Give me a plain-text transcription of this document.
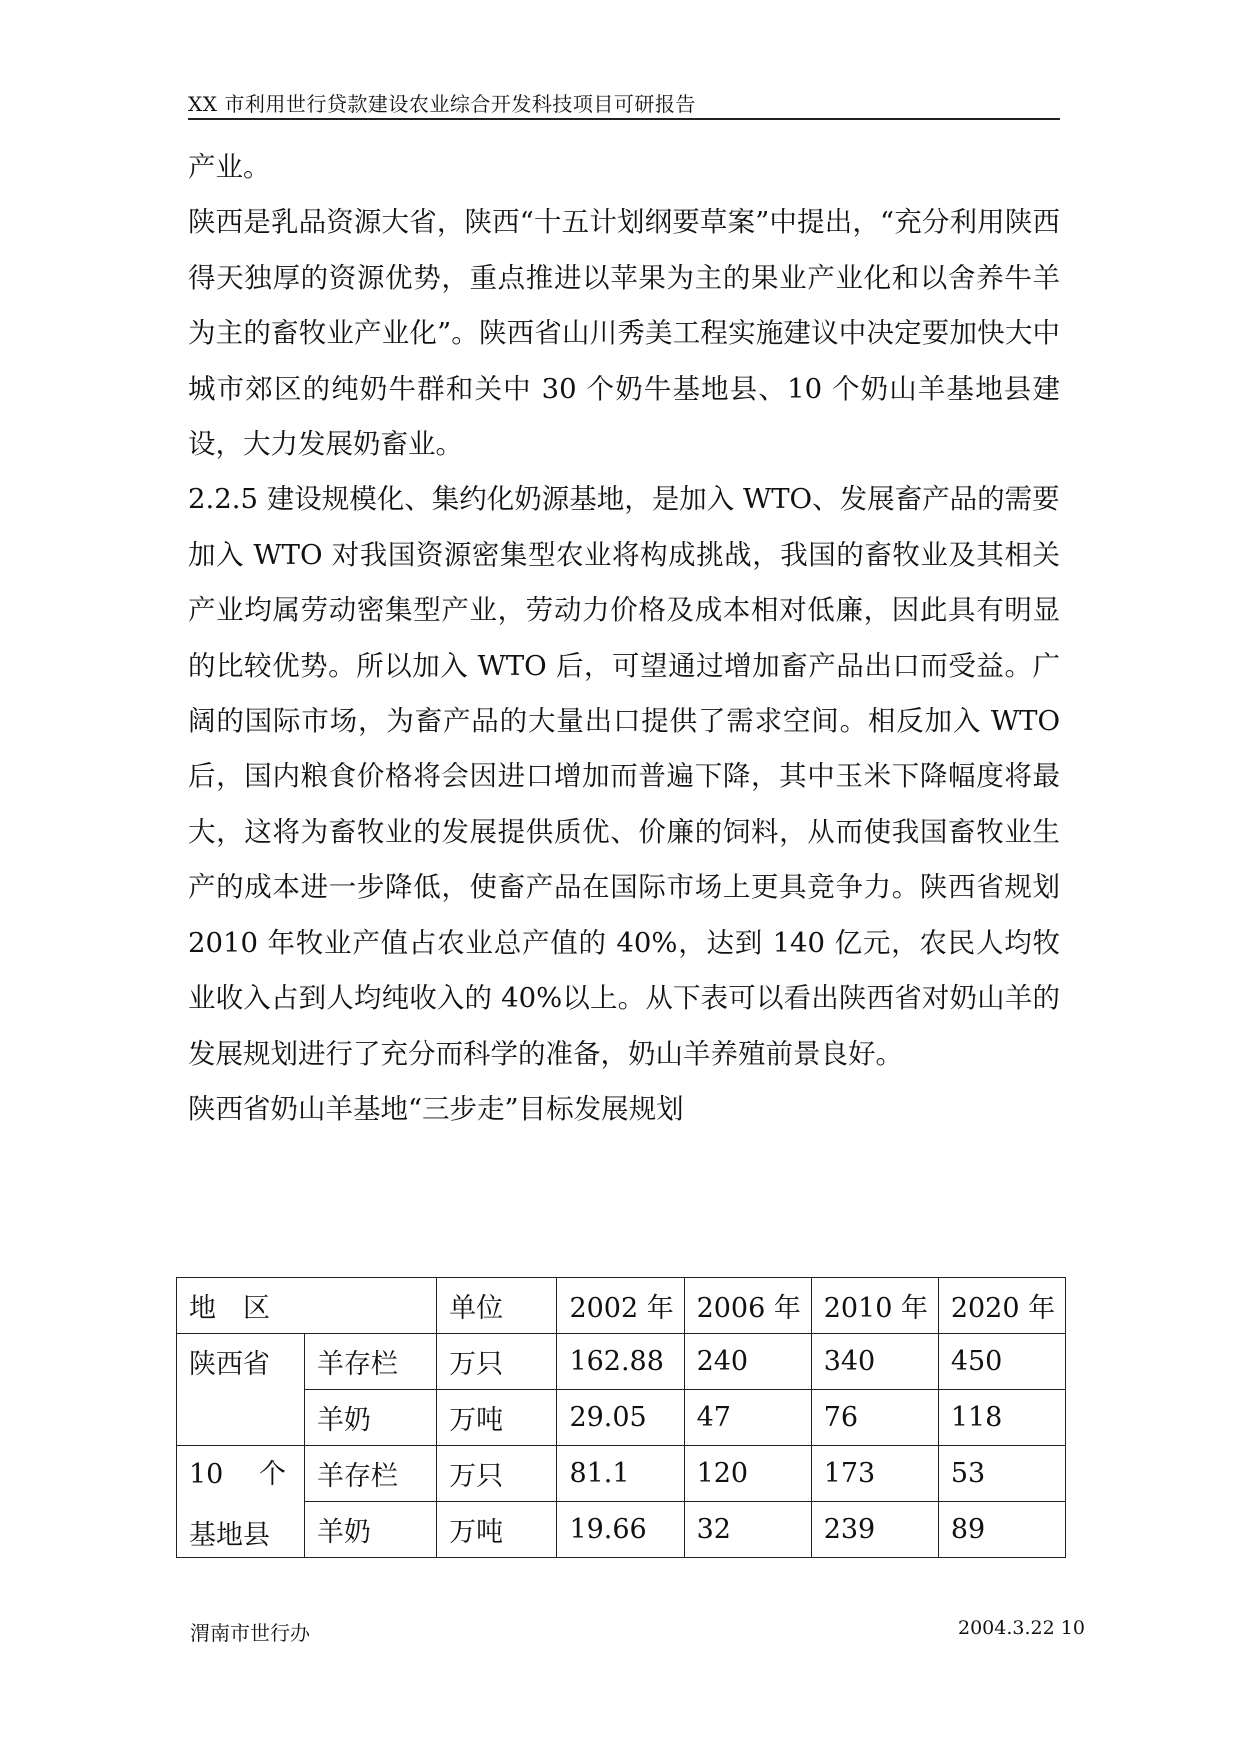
XX 市利用世行贷款建设农业综合开发科技项目可研报告

产业。

陕西是乳品资源大省，陕西“十五计划纲要草案”中提出，“充分利用陕西得天独厚的资源优势，重点推进以苹果为主的果业产业化和以舍养牛羊为主的畜牧业产业化”。陕西省山川秀美工程实施建议中决定要加快大中城市郊区的纯奶牛群和关中 30 个奶牛基地县、10 个奶山羊基地县建设，大力发展奶畜业。

2.2.5 建设规模化、集约化奶源基地，是加入 WTO、发展畜产品的需要

加入 WTO 对我国资源密集型农业将构成挑战，我国的畜牧业及其相关产业均属劳动密集型产业，劳动力价格及成本相对低廉，因此具有明显的比较优势。所以加入 WTO 后，可望通过增加畜产品出口而受益。广阔的国际市场，为畜产品的大量出口提供了需求空间。相反加入 WTO 后，国内粮食价格将会因进口增加而普遍下降，其中玉米下降幅度将最大，这将为畜牧业的发展提供质优、价廉的饲料，从而使我国畜牧业生产的成本进一步降低，使畜产品在国际市场上更具竞争力。陕西省规划 2010 年牧业产值占农业总产值的 40%，达到 140 亿元，农民人均牧业收入占到人均纯收入的 40%以上。从下表可以看出陕西省对奶山羊的发展规划进行了充分而科学的准备，奶山羊养殖前景良好。

陕西省奶山羊基地“三步走”目标发展规划

地　区		单位	2002 年	2006 年	2010 年	2020 年
陕西省	羊存栏	万只	162.88	240	340	450
	羊奶	万吨	29.05	47	76	118

10　 个
基地县	羊存栏	万只	81.1	120	173	53
	羊奶	万吨	19.66	32	239	89
渭南市世行办	2004.3.22 10
